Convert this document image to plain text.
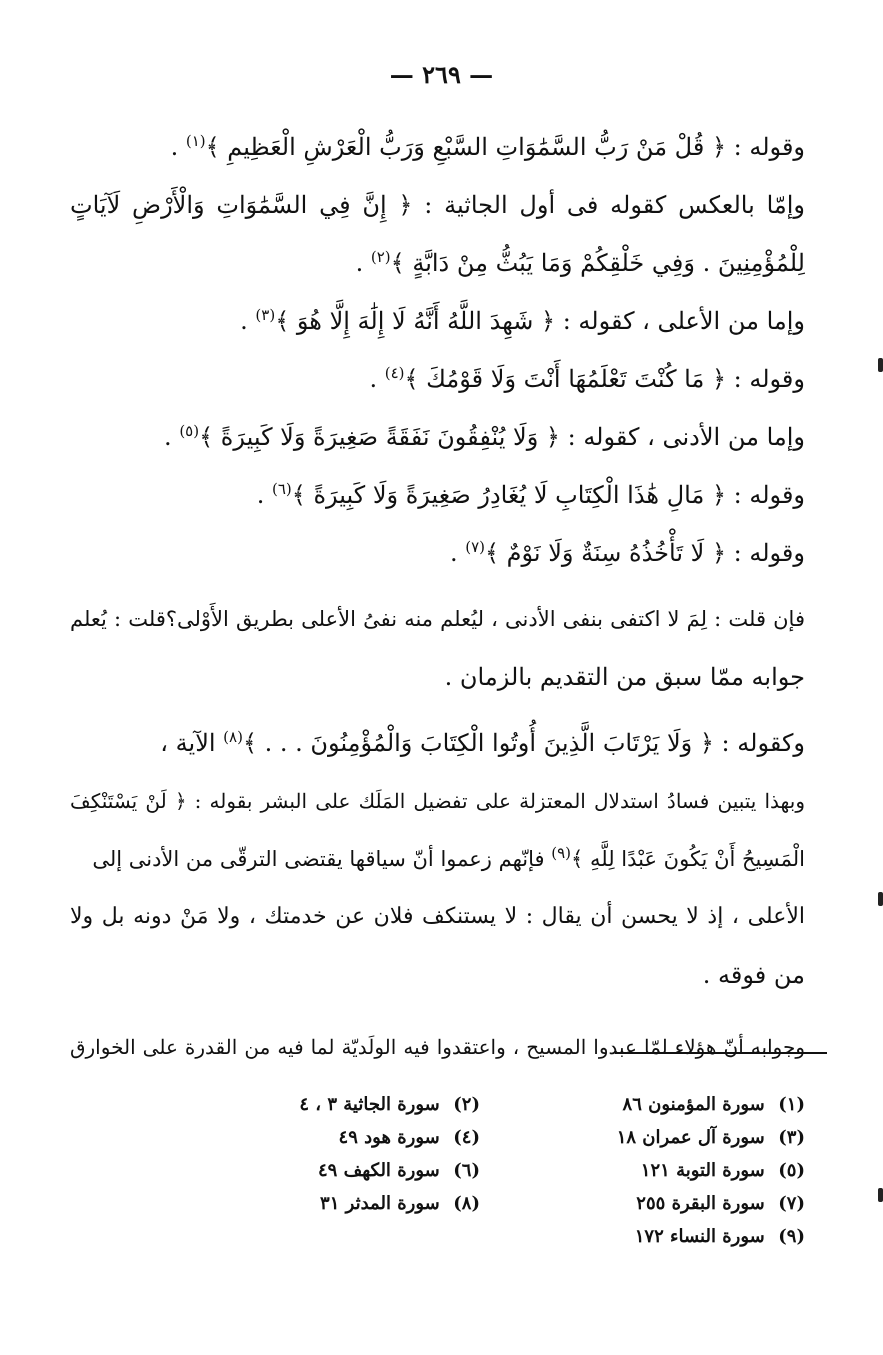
— ٢٦٩ —
وقوله : ﴿ قُلْ مَنْ رَبُّ السَّمَٰوَاتِ السَّبْعِ وَرَبُّ الْعَرْشِ الْعَظِيمِ ﴾$^{(١)}$ .
وإمّا بالعكس كقوله فى أول الجاثية : ﴿ إِنَّ فِي السَّمَٰوَاتِ وَالْأَرْضِ لَآيَاتٍ
لِلْمُؤْمِنِينَ . وَفِي خَلْقِكُمْ وَمَا يَبُثُّ مِنْ دَابَّةٍ ﴾$^{(٢)}$ .
وإما من الأعلى ، كقوله : ﴿ شَهِدَ اللَّهُ أَنَّهُ لَا إِلَٰهَ إِلَّا هُوَ ﴾$^{(٣)}$ .
وقوله : ﴿ مَا كُنْتَ تَعْلَمُهَا أَنْتَ وَلَا قَوْمُكَ ﴾$^{(٤)}$ .
وإما من الأدنى ، كقوله : ﴿ وَلَا يُنْفِقُونَ نَفَقَةً صَغِيرَةً وَلَا كَبِيرَةً ﴾$^{(٥)}$ .
وقوله : ﴿ مَالِ هَٰذَا الْكِتَابِ لَا يُغَادِرُ صَغِيرَةً وَلَا كَبِيرَةً ﴾$^{(٦)}$ .
وقوله : ﴿ لَا تَأْخُذُهُ سِنَةٌ وَلَا نَوْمٌ ﴾$^{(٧)}$ .
فإن قلت : لِمَ لا اكتفى بنفى الأدنى ، ليُعلم منه نفىُ الأعلى بطريق الأَوْلى؟قلت : يُعلم
جوابه ممّا سبق من التقديم بالزمان .
وكقوله : ﴿ وَلَا يَرْتَابَ الَّذِينَ أُوتُوا الْكِتَابَ وَالْمُؤْمِنُونَ . . . ﴾$^{(٨)}$ الآية ،
وبهذا يتبين فسادُ استدلال المعتزلة على تفضيل المَلَك على البشر بقوله : ﴿ لَنْ يَسْتَنْكِفَ
الْمَسِيحُ أَنْ يَكُونَ عَبْدًا لِلَّهِ ﴾$^{(٩)}$ فإنّهم زعموا أنّ سياقها يقتضى الترقّى من الأدنى إلى
الأعلى ، إذ لا يحسن أن يقال : لا يستنكف فلان عن خدمتك ، ولا مَنْ دونه بل ولا
من فوقه .
وجوابه أنّ هؤلاء لمّا عبدوا المسيح ، واعتقدوا فيه الولَديّة لما فيه من القدرة على الخوارق
(١) سورة المؤمنون ٨٦
(٢) سورة الجاثية ٣ ، ٤
(٣) سورة آل عمران ١٨
(٤) سورة هود ٤٩
(٥) سورة التوبة ١٢١
(٦) سورة الكهف ٤٩
(٧) سورة البقرة ٢٥٥
(٨) سورة المدثر ٣١
(٩) سورة النساء ١٧٢
